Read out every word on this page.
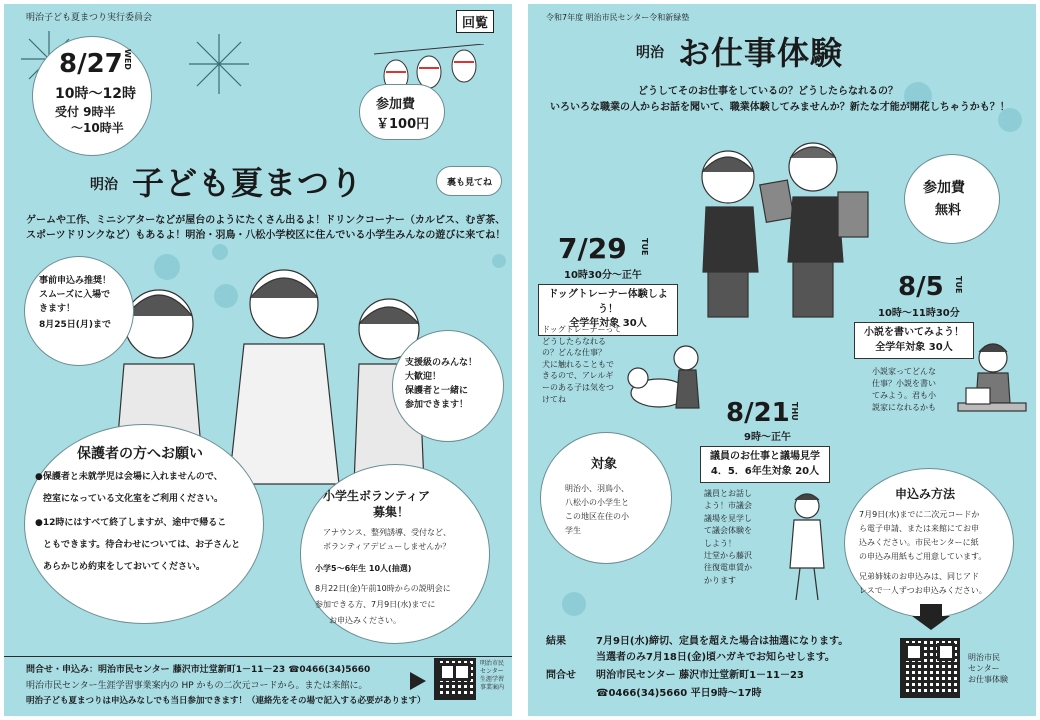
明治子ども夏まつり実行委員会	回覧
8/27 WED
10時～12時
受付 9時半
～10時半
参加費
￥100円
明治 子ども夏まつり	裏も見てね
ゲームや工作、ミニシアターなどが屋台のようにたくさん出るよ！ドリンクコーナー（カルピス、むぎ茶、
スポーツドリンクなど）もあるよ！明治・羽鳥・八松小学校区に住んでいる小学生みんなの遊びに来てね！
事前申込み推奨！
スムーズに入場で
きます！
8月25日(月)まで
支援級のみんな！
大歓迎！
保護者と一緒に
参加できます！
保護者の方へお願い
●保護者と未就学児は会場に入れませんので、
控室になっている文化室をご利用ください。
●12時にはすべて終了しますが、途中で帰るこ
ともできます。待合わせについては、お子さんと
あらかじめ約束をしておいてください。
小学生ボランティア
募集！
アナウンス、整列誘導、受付など、
ボランティアデビューしませんか？
小学5～6年生 10人(抽選)
8月22日(金)午前10時からの説明会に
参加できる方、7月9日(水)までに
お申込みください。
問合せ・申込み：明治市民センター 藤沢市辻堂新町1－11－23 ☎0466(34)5660
明治市民センター生涯学習事業案内の HP かもの二次元コードから。または来館に。
明治子ども夏まつりは申込みなしでも当日参加できます！（連絡先をその場で記入する必要があります）
明治市民センター生涯学習事業案内
令和7年度 明治市民センター令和新緑塾
明治 お仕事体験
どうしてそのお仕事をしているの？どうしたらなれるの？
いろいろな職業の人からお話を聞いて、職業体験してみませんか？新たな才能が開花しちゃうかも？！
参加費
無料
7/29 TUE
10時30分～正午
ドッグトレーナー体験しよう！
全学年対象 30人
ドッグトレーナーって
どうしたらなれる
の？どんな仕事？
犬に触れることもで
きるので、アレルギ
ーのある子は気をつ
けてね
8/5 TUE
10時～11時30分
小説を書いてみよう！
全学年対象 30人
小説家ってどんな
仕事？小説を書い
てみよう。君も小
説家になれるかも
8/21 THU
9時～正午
議員のお仕事と議場見学
4．5．6年生対象 20人
議員とお話し
よう！市議会
議場を見学し
て議会体験を
しよう！
辻堂から藤沢
往復電車賃か
かります
対象
明治小、羽鳥小、
八松小の小学生と
この地区在住の小
学生
申込み方法
7月9日(水)までに二次元コードか
ら電子申請、または来館にてお申
込みください。市民センターに紙
の申込み用紙もご用意しています。
兄弟姉妹のお申込みは、同じアド
レスで一人ずつお申込みください。
結果	7月9日(水)締切、定員を超えた場合は抽選になります。
当選者のみ7月18日(金)頃ハガキでお知らせします。
問合せ 明治市民センター 藤沢市辻堂新町1－11－23
☎0466(34)5660 平日9時～17時
明治市民
センター
お仕事体験
